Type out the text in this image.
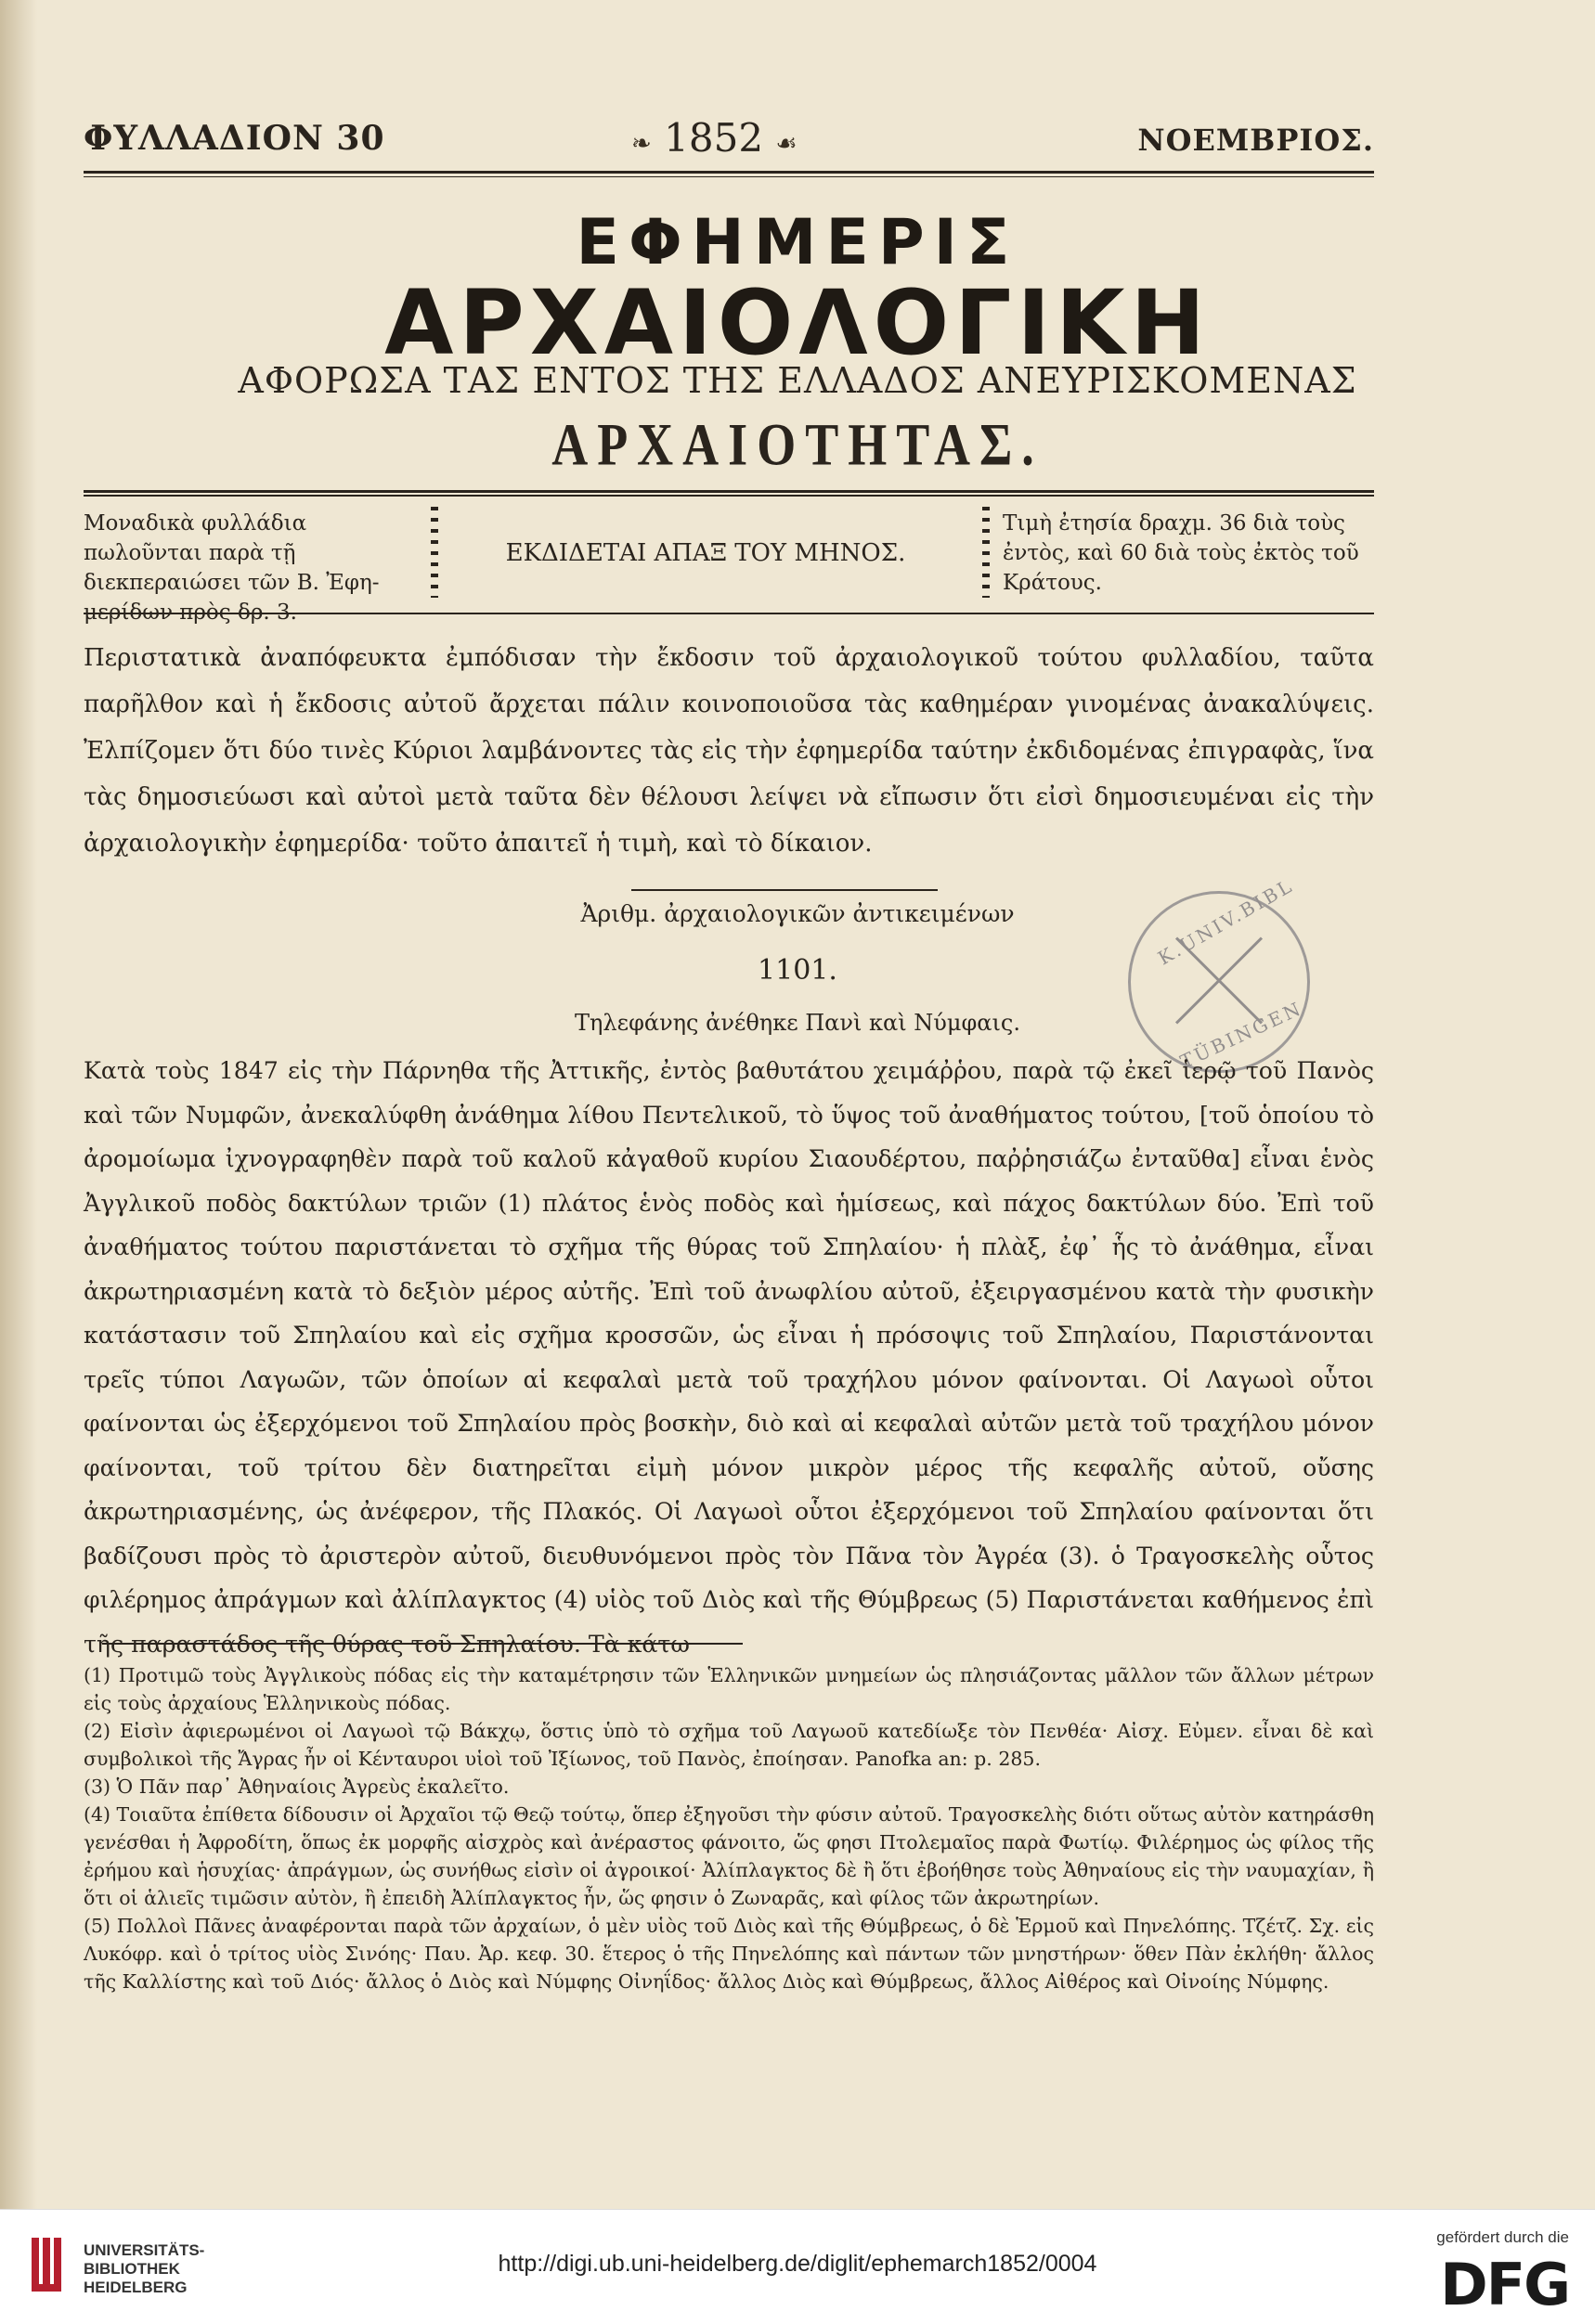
ΦΥΛΛΑΔΙΟΝ 30	❧ 1852 ☙	ΝΟΕΜΒΡΙΟΣ.
ΕΦΗΜΕΡΙΣ
ΑΡΧΑΙΟΛΟΓΙΚΗ
ΑΦΟΡΩΣΑ ΤΑΣ ΕΝΤΟΣ ΤΗΣ ΕΛΛΑΔΟΣ ΑΝΕΥΡΙΣΚΟΜΕΝΑΣ
ΑΡΧΑΙΟΤΗΤΑΣ.
Μοναδικὰ φυλλάδια πωλοῦνται παρὰ τῇ διεκπεραιώσει τῶν Β. Ἐφη-μερίδων πρὸς δρ. 3.
ΕΚΔΙΔΕΤΑΙ ΑΠΑΞ ΤΟΥ ΜΗΝΟΣ.
Τιμὴ ἐτησία δραχμ. 36 διὰ τοὺς ἐντὸς, καὶ 60 διὰ τοὺς ἐκτὸς τοῦ Κράτους.
Περιστατικὰ ἀναπόφευκτα ἐμπόδισαν τὴν ἔκδοσιν τοῦ ἀρχαιολογικοῦ τούτου φυλλαδίου, ταῦτα παρῆλθον καὶ ἡ ἔκδοσις αὐτοῦ ἄρχεται πάλιν κοινοποιοῦσα τὰς καθημέραν γινομένας ἀνακαλύψεις. Ἐλπίζομεν ὅτι δύο τινὲς Κύριοι λαμβάνοντες τὰς εἰς τὴν ἐφημερίδα ταύτην ἐκδιδομένας ἐπιγραφὰς, ἵνα τὰς δημοσιεύωσι καὶ αὐτοὶ μετὰ ταῦτα δὲν θέλουσι λείψει νὰ εἴπωσιν ὅτι εἰσὶ δημοσιευμέναι εἰς τὴν ἀρχαιολογικὴν ἐφημερίδα· τοῦτο ἀπαιτεῖ ἡ τιμὴ, καὶ τὸ δίκαιον.
Ἀριθμ. ἀρχαιολογικῶν ἀντικειμένων
1101.
Τηλεφάνης ἀνέθηκε Πανὶ καὶ Νύμφαις.
K.UNIV.BIBL
TÜBINGEN
Κατὰ τοὺς 1847 εἰς τὴν Πάρνηθα τῆς Ἀττικῆς, ἐντὸς βαθυτάτου χειμάῤῥου, παρὰ τῷ ἐκεῖ ἱερῷ τοῦ Πανὸς καὶ τῶν Νυμφῶν, ἀνεκαλύφθη ἀνάθημα λίθου Πεντελικοῦ, τὸ ὕψος τοῦ ἀναθήματος τούτου, [τοῦ ὁποίου τὸ ἀρομοίωμα ἰχνογραφηθὲν παρὰ τοῦ καλοῦ κἀγαθοῦ κυρίου Σιαουδέρτου, παῤῥησιάζω ἐνταῦθα] εἶναι ἑνὸς Ἀγγλικοῦ ποδὸς δακτύλων τριῶν (1) πλάτος ἑνὸς ποδὸς καὶ ἡμίσεως, καὶ πάχος δακτύλων δύο. Ἐπὶ τοῦ ἀναθήματος τούτου παριστάνεται τὸ σχῆμα τῆς θύρας τοῦ Σπηλαίου· ἡ πλὰξ, ἐφ᾽ ἧς τὸ ἀνάθημα, εἶναι ἀκρωτηριασμένη κατὰ τὸ δεξιὸν μέρος αὐτῆς. Ἐπὶ τοῦ ἀνωφλίου αὐτοῦ, ἐξειργασμένου κατὰ τὴν φυσικὴν κατάστασιν τοῦ Σπηλαίου καὶ εἰς σχῆμα κροσσῶν, ὡς εἶναι ἡ πρόσοψις τοῦ Σπηλαίου, Παριστάνονται τρεῖς τύποι Λαγωῶν, τῶν ὁποίων αἱ κεφαλαὶ μετὰ τοῦ τραχήλου μόνον φαίνονται. Οἱ Λαγωοὶ οὗτοι φαίνονται ὡς ἐξερχόμενοι τοῦ Σπηλαίου πρὸς βοσκὴν, διὸ καὶ αἱ κεφαλαὶ αὐτῶν μετὰ τοῦ τραχήλου μόνον φαίνονται, τοῦ τρίτου δὲν διατηρεῖται εἰμὴ μόνον μικρὸν μέρος τῆς κεφαλῆς αὐτοῦ, οὔσης ἀκρωτηριασμένης, ὡς ἀνέφερον, τῆς Πλακός. Οἱ Λαγωοὶ οὗτοι ἐξερχόμενοι τοῦ Σπηλαίου φαίνονται ὅτι βαδίζουσι πρὸς τὸ ἀριστερὸν αὐτοῦ, διευθυνόμενοι πρὸς τὸν Πᾶνα τὸν Ἀγρέα (3). ὁ Τραγοσκελὴς οὗτος φιλέρημος ἀπράγμων καὶ ἀλίπλαγκτος (4) υἱὸς τοῦ Διὸς καὶ τῆς Θύμβρεως (5) Παριστάνεται καθήμενος ἐπὶ τῆς παραστάδος τῆς θύρας τοῦ Σπηλαίου. Τὰ κάτω

(1) Προτιμῶ τοὺς Ἀγγλικοὺς πόδας εἰς τὴν καταμέτρησιν τῶν Ἑλληνικῶν μνημείων ὡς πλησιάζοντας μᾶλλον τῶν ἄλλων μέτρων εἰς τοὺς ἀρχαίους Ἑλληνικοὺς πόδας.

(2) Εἰσὶν ἀφιερωμένοι οἱ Λαγωοὶ τῷ Βάκχῳ, ὅστις ὑπὸ τὸ σχῆμα τοῦ Λαγωοῦ κατεδίωξε τὸν Πενθέα· Αἰσχ. Εὐμεν. εἶναι δὲ καὶ συμβολικοὶ τῆς Ἄγρας ἦν οἱ Κένταυροι υἱοὶ τοῦ Ἰξίωνος, τοῦ Πανὸς, ἐποίησαν. Panofka an: p. 285.

(3) Ὁ Πᾶν παρ᾽ Ἀθηναίοις Ἀγρεὺς ἐκαλεῖτο.

(4) Τοιαῦτα ἐπίθετα δίδουσιν οἱ Ἀρχαῖοι τῷ Θεῷ τούτῳ, ὅπερ ἐξηγοῦσι τὴν φύσιν αὐτοῦ. Τραγοσκελὴς διότι οὕτως αὐτὸν κατηράσθη γενέσθαι ἡ Ἀφροδίτη, ὅπως ἐκ μορφῆς αἰσχρὸς καὶ ἀνέραστος φάνοιτο, ὥς φησι Πτολεμαῖος παρὰ Φωτίῳ. Φιλέρημος ὡς φίλος τῆς ἐρήμου καὶ ἡσυχίας· ἀπράγμων, ὡς συνήθως εἰσὶν οἱ ἀγροικοί· Ἀλίπλαγκτος δὲ ἢ ὅτι ἐβοήθησε τοὺς Ἀθηναίους εἰς τὴν ναυμαχίαν, ἢ ὅτι οἱ ἁλιεῖς τιμῶσιν αὐτὸν, ἢ ἐπειδὴ Ἀλίπλαγκτος ἦν, ὥς φησιν ὁ Ζωναρᾶς, καὶ φίλος τῶν ἀκρωτηρίων.

(5) Πολλοὶ Πᾶνες ἀναφέρονται παρὰ τῶν ἀρχαίων, ὁ μὲν υἱὸς τοῦ Διὸς καὶ τῆς Θύμβρεως, ὁ δὲ Ἑρμοῦ καὶ Πηνελόπης. Τζέτζ. Σχ. εἰς Λυκόφρ. καὶ ὁ τρίτος υἱὸς Σινόης· Παυ. Ἀρ. κεφ. 30. ἕτερος ὁ τῆς Πηνελόπης καὶ πάντων τῶν μνηστήρων· ὅθεν Πὰν ἐκλήθη· ἄλλος τῆς Καλλίστης καὶ τοῦ Διός· ἄλλος ὁ Διὸς καὶ Νύμφης Οἰνηΐδος· ἄλλος Διὸς καὶ Θύμβρεως, ἄλλος Αἰθέρος καὶ Οἰνοίης Νύμφης.

UNIVERSITÄTS-
BIBLIOTHEK
HEIDELBERG
http://digi.ub.uni-heidelberg.de/diglit/ephemarch1852/0004
gefördert durch die
DFG
